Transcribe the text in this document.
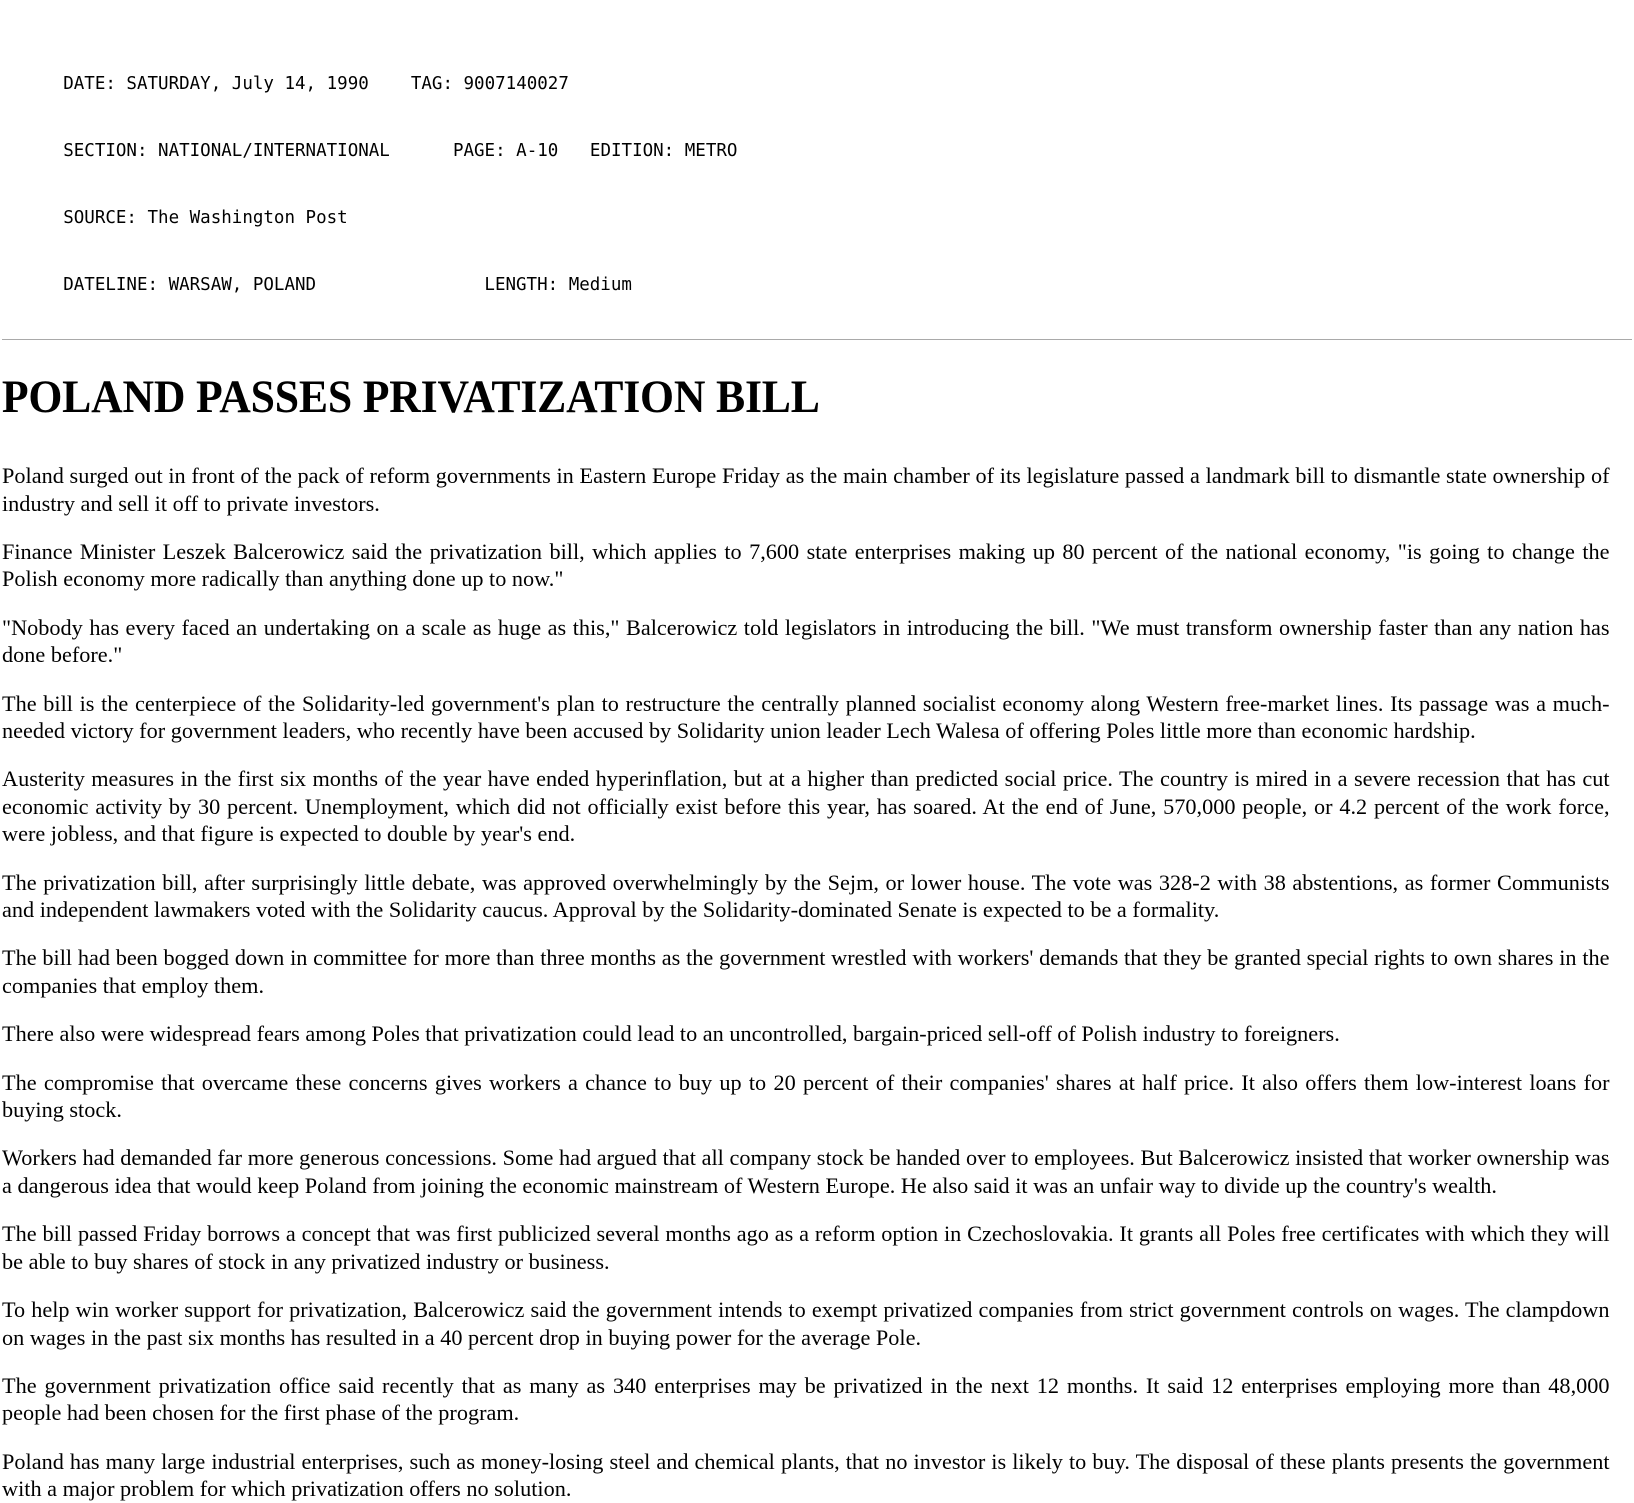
DATE: SATURDAY, July 14, 1990 TAG: 9007140027

SECTION: NATIONAL/INTERNATIONAL	PAGE: A-10   EDITION: METRO

SOURCE: The Washington Post

DATELINE: WARSAW, POLAND	LENGTH: Medium

POLAND PASSES PRIVATIZATION BILL

Poland surged out in front of the pack of reform governments in Eastern Europe Friday as the main chamber of its legislature passed a landmark bill to dismantle state ownership of industry and sell it off to private investors.

Finance Minister Leszek Balcerowicz said the privatization bill, which applies to 7,600 state enterprises making up 80 percent of the national economy, "is going to change the Polish economy more radically than anything done up to now."

"Nobody has every faced an undertaking on a scale as huge as this," Balcerowicz told legislators in introducing the bill. "We must transform ownership faster than any nation has done before."

The bill is the centerpiece of the Solidarity-led government's plan to restructure the centrally planned socialist economy along Western free-market lines. Its passage was a much-needed victory for government leaders, who recently have been accused by Solidarity union leader Lech Walesa of offering Poles little more than economic hardship.

Austerity measures in the first six months of the year have ended hyperinflation, but at a higher than predicted social price. The country is mired in a severe recession that has cut economic activity by 30 percent. Unemployment, which did not officially exist before this year, has soared. At the end of June, 570,000 people, or 4.2 percent of the work force, were jobless, and that figure is expected to double by year's end.

The privatization bill, after surprisingly little debate, was approved overwhelmingly by the Sejm, or lower house. The vote was 328-2 with 38 abstentions, as former Communists and independent lawmakers voted with the Solidarity caucus. Approval by the Solidarity-dominated Senate is expected to be a formality.

The bill had been bogged down in committee for more than three months as the government wrestled with workers' demands that they be granted special rights to own shares in the companies that employ them.

There also were widespread fears among Poles that privatization could lead to an uncontrolled, bargain-priced sell-off of Polish industry to foreigners.

The compromise that overcame these concerns gives workers a chance to buy up to 20 percent of their companies' shares at half price. It also offers them low-interest loans for buying stock.

Workers had demanded far more generous concessions. Some had argued that all company stock be handed over to employees. But Balcerowicz insisted that worker ownership was a dangerous idea that would keep Poland from joining the economic mainstream of Western Europe. He also said it was an unfair way to divide up the country's wealth.

The bill passed Friday borrows a concept that was first publicized several months ago as a reform option in Czechoslovakia. It grants all Poles free certificates with which they will be able to buy shares of stock in any privatized industry or business.

To help win worker support for privatization, Balcerowicz said the government intends to exempt privatized companies from strict government controls on wages. The clampdown on wages in the past six months has resulted in a 40 percent drop in buying power for the average Pole.

The government privatization office said recently that as many as 340 enterprises may be privatized in the next 12 months. It said 12 enterprises employing more than 48,000 people had been chosen for the first phase of the program.

Poland has many large industrial enterprises, such as money-losing steel and chemical plants, that no investor is likely to buy. The disposal of these plants presents the government with a major problem for which privatization offers no solution.
